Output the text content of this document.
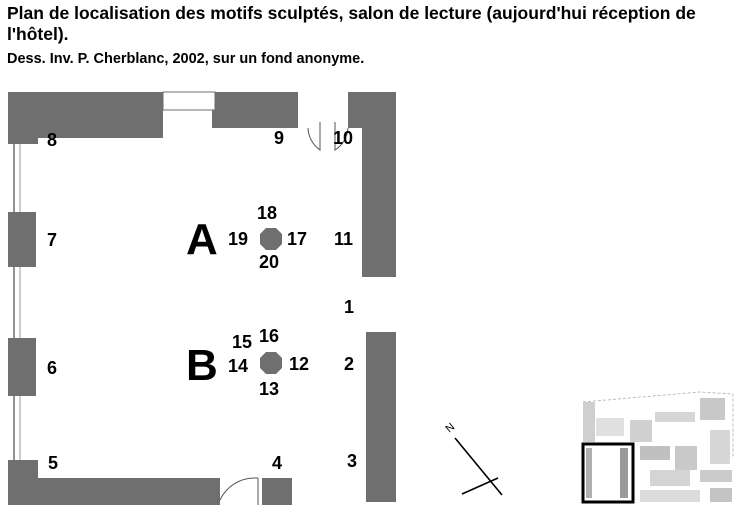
Plan de localisation des motifs sculptés, salon de lecture (aujourd'hui réception de l'hôtel).
Dess. Inv. P. Cherblanc, 2002, sur un fond anonyme.
A
B
18
17
20
19
16
15
12
13
14
1
2
3
4
5
6
7
8	9	10
11
N
